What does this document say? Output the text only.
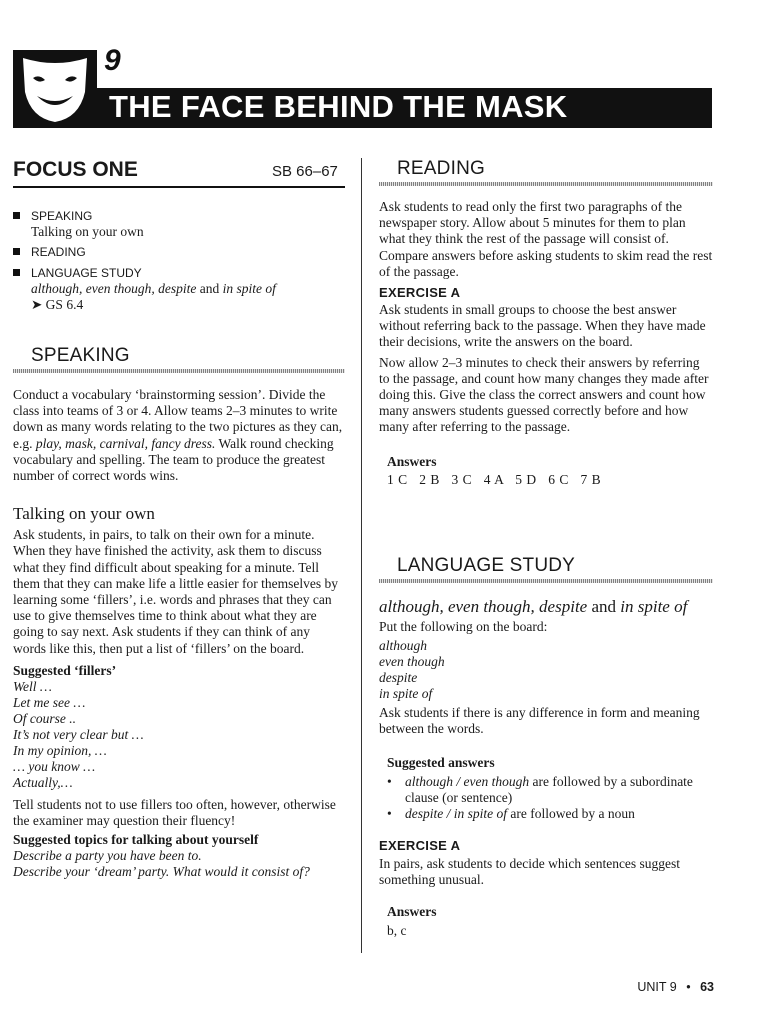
9
THE FACE BEHIND THE MASK
FOCUS ONE	SB 66–67
SPEAKING
Talking on your own
READING
LANGUAGE STUDY
although, even though, despite and in spite of
➤ GS 6.4
SPEAKING
Conduct a vocabulary ‘brainstorming session’. Divide the class into teams of 3 or 4. Allow teams 2–3 minutes to write down as many words relating to the two pictures as they can, e.g. play, mask, carnival, fancy dress. Walk round checking vocabulary and spelling. The team to produce the greatest number of correct words wins.
Talking on your own
Ask students, in pairs, to talk on their own for a minute. When they have finished the activity, ask them to discuss what they find difficult about speaking for a minute. Tell them that they can make life a little easier for themselves by learning some ‘fillers’, i.e. words and phrases that they can use to give themselves time to think about what they are going to say next. Ask students if they can think of any words like this, then put a list of ‘fillers’ on the board.
Suggested ‘fillers’
Well …
Let me see …
Of course ..
It’s not very clear but …
In my opinion, …
… you know …
Actually,…
Tell students not to use fillers too often, however, otherwise the examiner may question their fluency!
Suggested topics for talking about yourself
Describe a party you have been to.
Describe your ‘dream’ party. What would it consist of?
READING
Ask students to read only the first two paragraphs of the newspaper story. Allow about 5 minutes for them to plan what they think the rest of the passage will consist of. Compare answers before asking students to skim read the rest of the passage.
EXERCISE A
Ask students in small groups to choose the best answer without referring back to the passage. When they have made their decisions, write the answers on the board.
Now allow 2–3 minutes to check their answers by referring to the passage, and count how many changes they made after doing this. Give the class the correct answers and count how many answers students guessed correctly before and how many after referring to the passage.
Answers
1 C   2 B   3 C   4 A   5 D   6 C   7 B
LANGUAGE STUDY
although, even though, despite and in spite of
Put the following on the board:
although
even though
despite
in spite of
Ask students if there is any difference in form and meaning between the words.
Suggested answers
• although / even though are followed by a subordinate clause (or sentence)
• despite / in spite of are followed by a noun
EXERCISE A
In pairs, ask students to decide which sentences suggest something unusual.
Answers
b, c
UNIT 9 • 63
